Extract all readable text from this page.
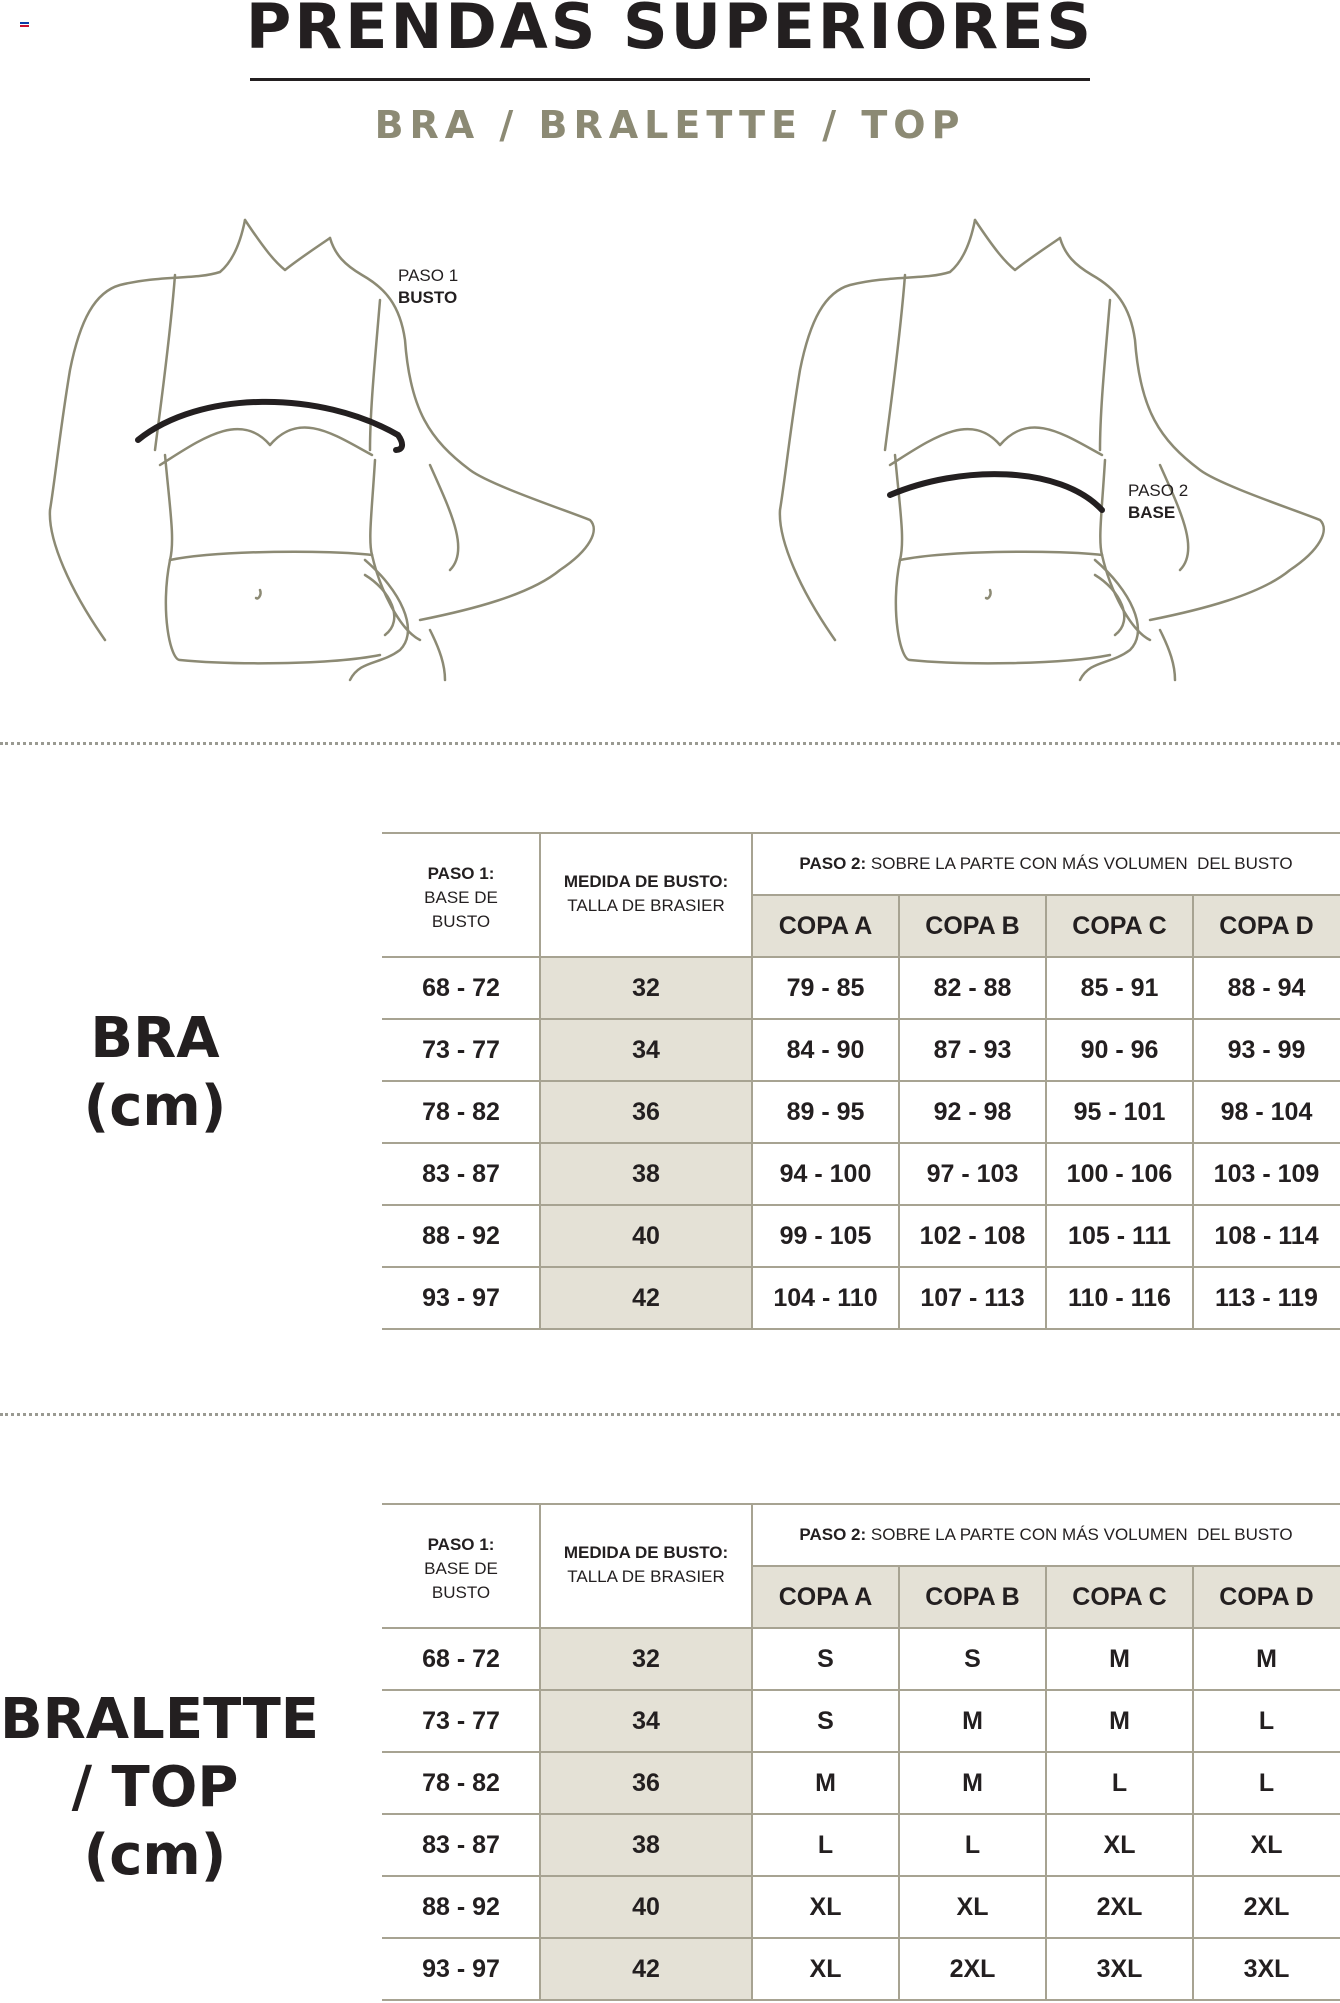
PRENDAS SUPERIORES
BRA / BRALETTE / TOP
PASO 1
BUSTO
PASO 2
BASE
BRA
(cm)
BRALETTE
/ TOP
(cm)
PASO 1:
BASE DE
BUSTO
MEDIDA DE BUSTO:
TALLA DE BRASIER
PASO 2: SOBRE LA PARTE CON MÁS VOLUMEN  DEL BUSTO
COPA A	COPA B	COPA C	COPA D
68 - 72	32	79 - 85	82 - 88	85 - 91	88 - 94
73 - 77	34	84 - 90	87 - 93	90 - 96	93 - 99
78 - 82	36	89 - 95	92 - 98	95 - 101	98 - 104
83 - 87	38	94 - 100	97 - 103	100 - 106	103 - 109
88 - 92	40	99 - 105	102 - 108	105 - 111	108 - 114
93 - 97	42	104 - 110	107 - 113	110 - 116	113 - 119
PASO 1:
BASE DE
BUSTO
MEDIDA DE BUSTO:
TALLA DE BRASIER
PASO 2: SOBRE LA PARTE CON MÁS VOLUMEN  DEL BUSTO
COPA A	COPA B	COPA C	COPA D
68 - 72	32	S	S	M	M
73 - 77	34	S	M	M	L
78 - 82	36	M	M	L	L
83 - 87	38	L	L	XL	XL
88 - 92	40	XL	XL	2XL	2XL
93 - 97	42	XL	2XL	3XL	3XL
